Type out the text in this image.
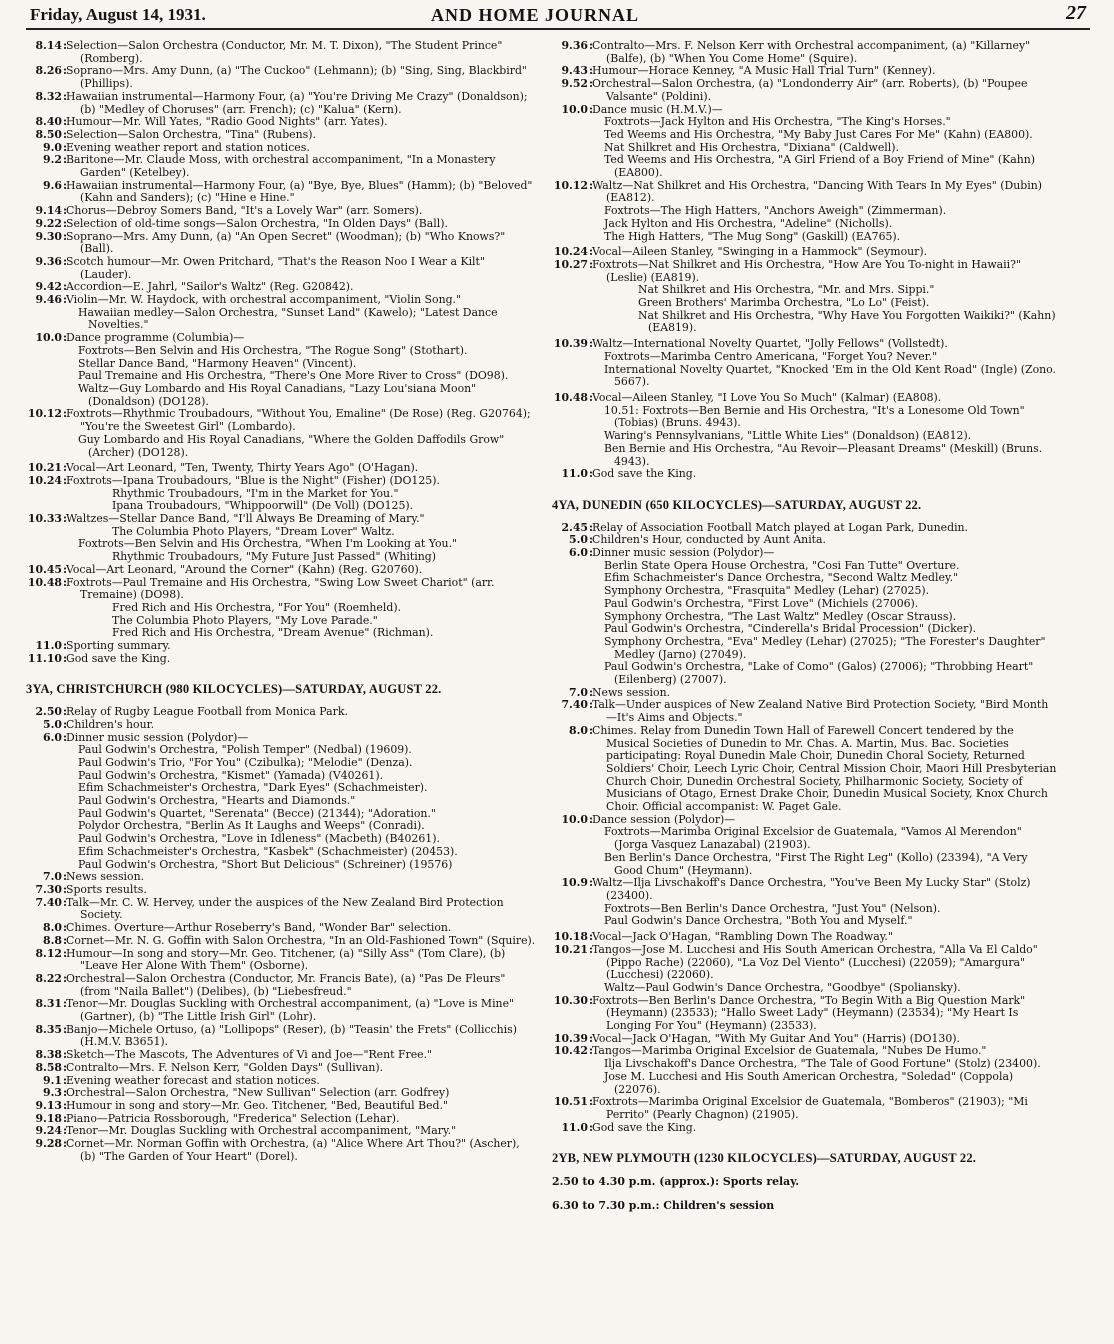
Friday, August 14, 1931.	AND HOME JOURNAL	27

8.14 : Selection—Salon Orchestra (Conductor, Mr. M. T. Dixon), "The Student Prince" (Romberg).

8.26 : Soprano—Mrs. Amy Dunn, (a) "The Cuckoo" (Lehmann); (b) "Sing, Sing, Blackbird" (Phillips).

8.32 : Hawaiian instrumental—Harmony Four, (a) "You're Driving Me Crazy" (Donaldson); (b) "Medley of Choruses" (arr. French); (c) "Kalua" (Kern).

8.40 : Humour—Mr. Will Yates, "Radio Good Nights" (arr. Yates).

8.50 : Selection—Salon Orchestra, "Tina" (Rubens).

9.0 : Evening weather report and station notices.

9.2 : Baritone—Mr. Claude Moss, with orchestral accompaniment, "In a Monastery Garden" (Ketelbey).

9.6 : Hawaiian instrumental—Harmony Four, (a) "Bye, Bye, Blues" (Hamm); (b) "Beloved" (Kahn and Sanders); (c) "Hine e Hine."

9.14 : Chorus—Debroy Somers Band, "It's a Lovely War" (arr. Somers).

9.22 : Selection of old-time songs—Salon Orchestra, "In Olden Days" (Ball).

9.30 : Soprano—Mrs. Amy Dunn, (a) "An Open Secret" (Woodman); (b) "Who Knows?" (Ball).

9.36 : Scotch humour—Mr. Owen Pritchard, "That's the Reason Noo I Wear a Kilt" (Lauder).

9.42 : Accordion—E. Jahrl, "Sailor's Waltz" (Reg. G20842).

9.46 : Violin—Mr. W. Haydock, with orchestral accompaniment, "Violin Song."

Hawaiian medley—Salon Orchestra, "Sunset Land" (Kawelo); "Latest Dance Novelties."

10.0 : Dance programme (Columbia)—

Foxtrots—Ben Selvin and His Orchestra, "The Rogue Song" (Stothart).

Stellar Dance Band, "Harmony Heaven" (Vincent).

Paul Tremaine and His Orchestra, "There's One More River to Cross" (DO98).

Waltz—Guy Lombardo and His Royal Canadians, "Lazy Lou'siana Moon" (Donaldson) (DO128).

10.12 : Foxtrots—Rhythmic Troubadours, "Without You, Emaline" (De Rose) (Reg. G20764); "You're the Sweetest Girl" (Lombardo).

Guy Lombardo and His Royal Canadians, "Where the Golden Daffodils Grow" (Archer) (DO128).

10.21 : Vocal—Art Leonard, "Ten, Twenty, Thirty Years Ago" (O'Hagan).

10.24 : Foxtrots—Ipana Troubadours, "Blue is the Night" (Fisher) (DO125).

Rhythmic Troubadours, "I'm in the Market for You."

Ipana Troubadours, "Whippoorwill" (De Voll) (DO125).

10.33 : Waltzes—Stellar Dance Band, "I'll Always Be Dreaming of Mary."

The Columbia Photo Players, "Dream Lover" Waltz.

Foxtrots—Ben Selvin and His Orchestra, "When I'm Looking at You."

Rhythmic Troubadours, "My Future Just Passed" (Whiting)

10.45 : Vocal—Art Leonard, "Around the Corner" (Kahn) (Reg. G20760).

10.48 : Foxtrots—Paul Tremaine and His Orchestra, "Swing Low Sweet Chariot" (arr. Tremaine) (DO98).

Fred Rich and His Orchestra, "For You" (Roemheld).

The Columbia Photo Players, "My Love Parade."

Fred Rich and His Orchestra, "Dream Avenue" (Richman).

11.0 : Sporting summary.

11.10 : God save the King.

3YA, CHRISTCHURCH (980 KILOCYCLES)—SATURDAY, AUGUST 22.

2.50 : Relay of Rugby League Football from Monica Park.

5.0 : Children's hour.

6.0 : Dinner music session (Polydor)—

Paul Godwin's Orchestra, "Polish Temper" (Nedbal) (19609).

Paul Godwin's Trio, "For You" (Czibulka); "Melodie" (Denza).

Paul Godwin's Orchestra, "Kismet" (Yamada) (V40261).

Efim Schachmeister's Orchestra, "Dark Eyes" (Schachmeister).

Paul Godwin's Orchestra, "Hearts and Diamonds."

Paul Godwin's Quartet, "Serenata" (Becce) (21344); "Adoration."

Polydor Orchestra, "Berlin As It Laughs and Weeps" (Conradi).

Paul Godwin's Orchestra, "Love in Idleness" (Macbeth) (B40261).

Efim Schachmeister's Orchestra, "Kasbek" (Schachmeister) (20453).

Paul Godwin's Orchestra, "Short But Delicious" (Schreiner) (19576)

7.0 : News session.

7.30 : Sports results.

7.40 : Talk—Mr. C. W. Hervey, under the auspices of the New Zealand Bird Protection Society.

8.0 : Chimes. Overture—Arthur Roseberry's Band, "Wonder Bar" selection.

8.8 : Cornet—Mr. N. G. Goffin with Salon Orchestra, "In an Old-Fashioned Town" (Squire).

8.12 : Humour—In song and story—Mr. Geo. Titchener, (a) "Silly Ass" (Tom Clare), (b) "Leave Her Alone With Them" (Osborne).

8.22 : Orchestral—Salon Orchestra (Conductor, Mr. Francis Bate), (a) "Pas De Fleurs" (from "Naila Ballet") (Delibes), (b) "Liebesfreud."

8.31 : Tenor—Mr. Douglas Suckling with Orchestral accompaniment, (a) "Love is Mine" (Gartner), (b) "The Little Irish Girl" (Lohr).

8.35 : Banjo—Michele Ortuso, (a) "Lollipops" (Reser), (b) "Teasin' the Frets" (Collicchis) (H.M.V. B3651).

8.38 : Sketch—The Mascots, The Adventures of Vi and Joe—"Rent Free."

8.58 : Contralto—Mrs. F. Nelson Kerr, "Golden Days" (Sullivan).

9.1 : Evening weather forecast and station notices.

9.3 : Orchestral—Salon Orchestra, "New Sullivan" Selection (arr. Godfrey)

9.13 : Humour in song and story—Mr. Geo. Titchener, "Bed, Beautiful Bed."

9.18 : Piano—Patricia Rossborough, "Frederica" Selection (Lehar).

9.24 : Tenor—Mr. Douglas Suckling with Orchestral accompaniment, "Mary."

9.28 : Cornet—Mr. Norman Goffin with Orchestra, (a) "Alice Where Art Thou?" (Ascher), (b) "The Garden of Your Heart" (Dorel).

9.36 : Contralto—Mrs. F. Nelson Kerr with Orchestral accompaniment, (a) "Killarney" (Balfe), (b) "When You Come Home" (Squire).

9.43 : Humour—Horace Kenney, "A Music Hall Trial Turn" (Kenney).

9.52 : Orchestral—Salon Orchestra, (a) "Londonderry Air" (arr. Roberts), (b) "Poupee Valsante" (Poldini).

10.0 : Dance music (H.M.V.)—

Foxtrots—Jack Hylton and His Orchestra, "The King's Horses."

Ted Weems and His Orchestra, "My Baby Just Cares For Me" (Kahn) (EA800).

Nat Shilkret and His Orchestra, "Dixiana" (Caldwell).

Ted Weems and His Orchestra, "A Girl Friend of a Boy Friend of Mine" (Kahn) (EA800).

10.12 : Waltz—Nat Shilkret and His Orchestra, "Dancing With Tears In My Eyes" (Dubin) (EA812).

Foxtrots—The High Hatters, "Anchors Aweigh" (Zimmerman).

Jack Hylton and His Orchestra, "Adeline" (Nicholls).

The High Hatters, "The Mug Song" (Gaskill) (EA765).

10.24 : Vocal—Aileen Stanley, "Swinging in a Hammock" (Seymour).

10.27 : Foxtrots—Nat Shilkret and His Orchestra, "How Are You To-night in Hawaii?" (Leslie) (EA819).

Nat Shilkret and His Orchestra, "Mr. and Mrs. Sippi."

Green Brothers' Marimba Orchestra, "Lo Lo" (Feist).

Nat Shilkret and His Orchestra, "Why Have You Forgotten Waikiki?" (Kahn) (EA819).

10.39 : Waltz—International Novelty Quartet, "Jolly Fellows" (Vollstedt).

Foxtrots—Marimba Centro Americana, "Forget You? Never."

International Novelty Quartet, "Knocked 'Em in the Old Kent Road" (Ingle) (Zono. 5667).

10.48 : Vocal—Aileen Stanley, "I Love You So Much" (Kalmar) (EA808).

10.51: Foxtrots—Ben Bernie and His Orchestra, "It's a Lonesome Old Town" (Tobias) (Bruns. 4943).

Waring's Pennsylvanians, "Little White Lies" (Donaldson) (EA812).

Ben Bernie and His Orchestra, "Au Revoir—Pleasant Dreams" (Meskill) (Bruns. 4943).

11.0 : God save the King.

4YA, DUNEDIN (650 KILOCYCLES)—SATURDAY, AUGUST 22.

2.45 : Relay of Association Football Match played at Logan Park, Dunedin.

5.0 : Children's Hour, conducted by Aunt Anita.

6.0 : Dinner music session (Polydor)—

Berlin State Opera House Orchestra, "Cosi Fan Tutte" Overture.

Efim Schachmeister's Dance Orchestra, "Second Waltz Medley."

Symphony Orchestra, "Frasquita" Medley (Lehar) (27025).

Paul Godwin's Orchestra, "First Love" (Michiels (27006).

Symphony Orchestra, "The Last Waltz" Medley (Oscar Strauss).

Paul Godwin's Orchestra, "Cinderella's Bridal Procession" (Dicker).

Symphony Orchestra, "Eva" Medley (Lehar) (27025); "The Forester's Daughter" Medley (Jarno) (27049).

Paul Godwin's Orchestra, "Lake of Como" (Galos) (27006); "Throbbing Heart" (Eilenberg) (27007).

7.0 : News session.

7.40 : Talk—Under auspices of New Zealand Native Bird Protection Society, "Bird Month—It's Aims and Objects."

8.0 : Chimes. Relay from Dunedin Town Hall of Farewell Concert tendered by the Musical Societies of Dunedin to Mr. Chas. A. Martin, Mus. Bac. Societies participating: Royal Dunedin Male Choir, Dunedin Choral Society, Returned Soldiers' Choir, Leech Lyric Choir, Central Mission Choir, Maori Hill Presbyterian Church Choir, Dunedin Orchestral Society, Philharmonic Society, Society of Musicians of Otago, Ernest Drake Choir, Dunedin Musical Society, Knox Church Choir. Official accompanist: W. Paget Gale.

10.0 : Dance session (Polydor)—

Foxtrots—Marimba Original Excelsior de Guatemala, "Vamos Al Merendon" (Jorga Vasquez Lanazabal) (21903).

Ben Berlin's Dance Orchestra, "First The Right Leg" (Kollo) (23394), "A Very Good Chum" (Heymann).

10.9 : Waltz—Ilja Livschakoff's Dance Orchestra, "You've Been My Lucky Star" (Stolz) (23400).

Foxtrots—Ben Berlin's Dance Orchestra, "Just You" (Nelson).

Paul Godwin's Dance Orchestra, "Both You and Myself."

10.18 : Vocal—Jack O'Hagan, "Rambling Down The Roadway."

10.21 : Tangos—Jose M. Lucchesi and His South American Orchestra, "Alla Va El Caldo" (Pippo Rache) (22060), "La Voz Del Viento" (Lucchesi) (22059); "Amargura" (Lucchesi) (22060).

Waltz—Paul Godwin's Dance Orchestra, "Goodbye" (Spoliansky).

10.30 : Foxtrots—Ben Berlin's Dance Orchestra, "To Begin With a Big Question Mark" (Heymann) (23533); "Hallo Sweet Lady" (Heymann) (23534); "My Heart Is Longing For You" (Heymann) (23533).

10.39 : Vocal—Jack O'Hagan, "With My Guitar And You" (Harris) (DO130).

10.42 : Tangos—Marimba Original Excelsior de Guatemala, "Nubes De Humo."

Ilja Livschakoff's Dance Orchestra, "The Tale of Good Fortune" (Stolz) (23400).

Jose M. Lucchesi and His South American Orchestra, "Soledad" (Coppola) (22076).

10.51 : Foxtrots—Marimba Original Excelsior de Guatemala, "Bomberos" (21903); "Mi Perrito" (Pearly Chagnon) (21905).

11.0 : God save the King.

2YB, NEW PLYMOUTH (1230 KILOCYCLES)—SATURDAY, AUGUST 22.

2.50 to 4.30 p.m. (approx.): Sports relay.

6.30 to 7.30 p.m.: Children's session
